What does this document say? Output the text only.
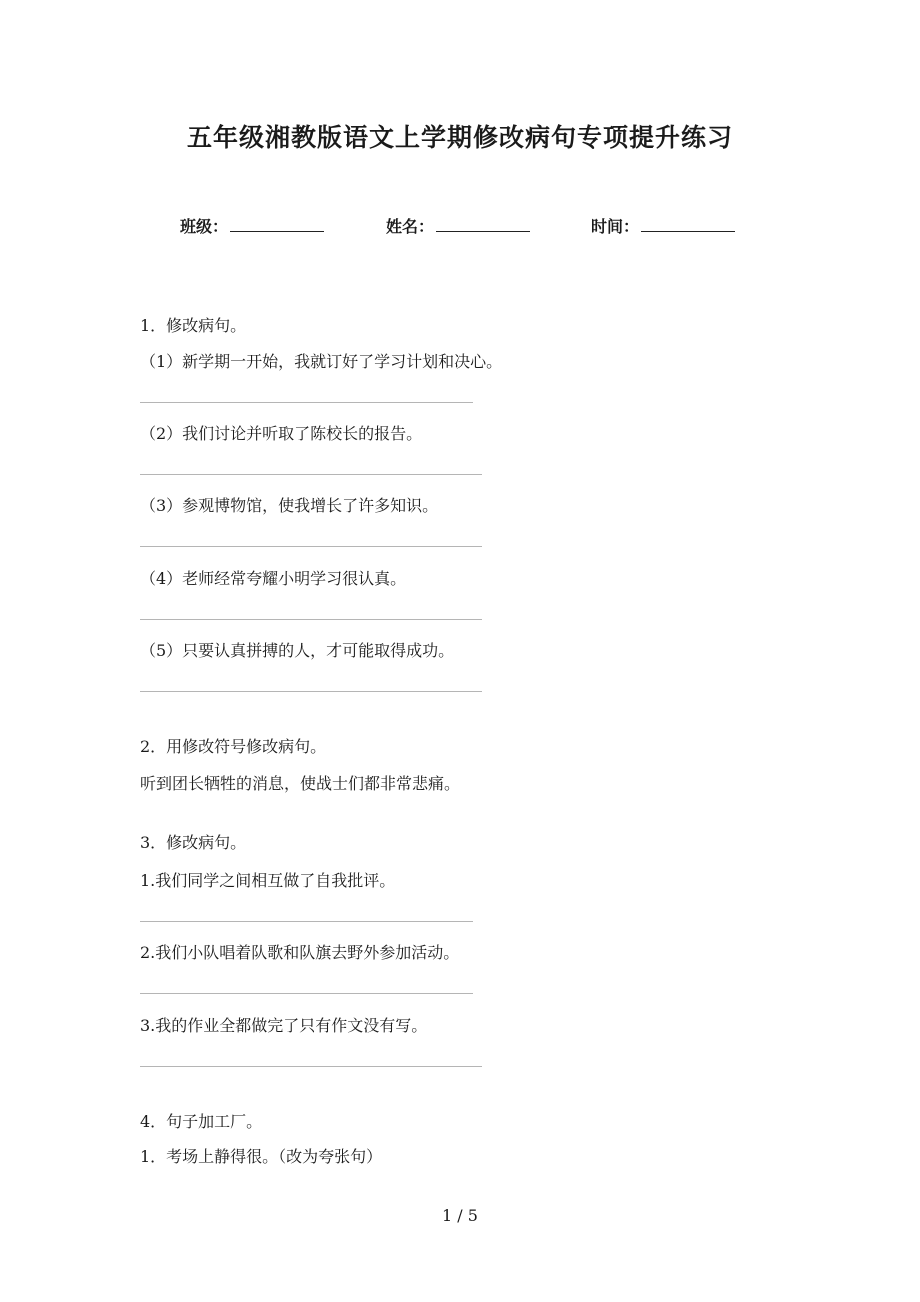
五年级湘教版语文上学期修改病句专项提升练习
班级：	姓名：	时间：
1．修改病句。
（1）新学期一开始，我就订好了学习计划和决心。
（2）我们讨论并听取了陈校长的报告。
（3）参观博物馆，使我增长了许多知识。
（4）老师经常夸耀小明学习很认真。
（5）只要认真拼搏的人，才可能取得成功。
2．用修改符号修改病句。
听到团长牺牲的消息，使战士们都非常悲痛。
3．修改病句。
1.我们同学之间相互做了自我批评。
2.我们小队唱着队歌和队旗去野外参加活动。
3.我的作业全都做完了只有作文没有写。
4．句子加工厂。
1．考场上静得很。（改为夸张句）
1 / 5
